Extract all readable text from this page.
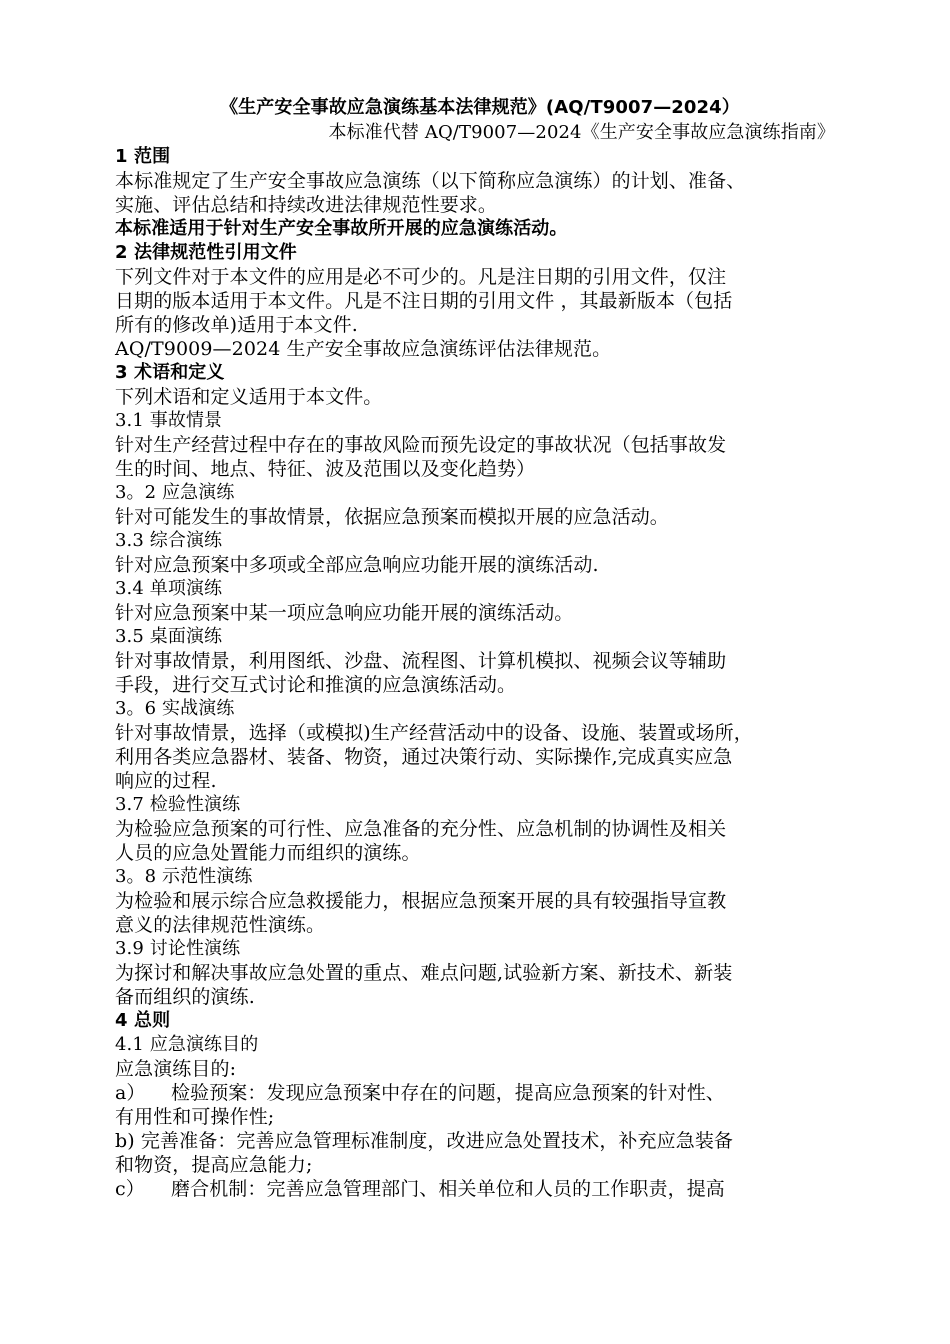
《生产安全事故应急演练基本法律规范》(AQ/T9007—2024）
本标准代替 AQ/T9007—2024《生产安全事故应急演练指南》
1 范围
本标准规定了生产安全事故应急演练（以下简称应急演练）的计划、准备、
实施、评估总结和持续改进法律规范性要求。
本标准适用于针对生产安全事故所开展的应急演练活动。
2 法律规范性引用文件
下列文件对于本文件的应用是必不可少的。凡是注日期的引用文件，仅注
日期的版本适用于本文件。凡是不注日期的引用文件 ，其最新版本（包括
所有的修改单)适用于本文件.
AQ/T9009—2024 生产安全事故应急演练评估法律规范。
3 术语和定义
下列术语和定义适用于本文件。
3.1 事故情景
针对生产经营过程中存在的事故风险而预先设定的事故状况（包括事故发
生的时间、地点、特征、波及范围以及变化趋势）
3。2 应急演练
针对可能发生的事故情景，依据应急预案而模拟开展的应急活动。
3.3 综合演练
针对应急预案中多项或全部应急响应功能开展的演练活动.
3.4 单项演练
针对应急预案中某一项应急响应功能开展的演练活动。
3.5 桌面演练
针对事故情景，利用图纸、沙盘、流程图、计算机模拟、视频会议等辅助
手段，进行交互式讨论和推演的应急演练活动。
3。6 实战演练
针对事故情景，选择（或模拟)生产经营活动中的设备、设施、装置或场所，
利用各类应急器材、装备、物资，通过决策行动、实际操作,完成真实应急
响应的过程.
3.7 检验性演练
为检验应急预案的可行性、应急准备的充分性、应急机制的协调性及相关
人员的应急处置能力而组织的演练。
3。8 示范性演练
为检验和展示综合应急救援能力，根据应急预案开展的具有较强指导宣教
意义的法律规范性演练。
3.9 讨论性演练
为探讨和解决事故应急处置的重点、难点问题,试验新方案、新技术、新装
备而组织的演练.
4 总则
4.1 应急演练目的
应急演练目的:
a） 检验预案：发现应急预案中存在的问题，提高应急预案的针对性、
有用性和可操作性;
b) 完善准备：完善应急管理标准制度，改进应急处置技术，补充应急装备
和物资，提高应急能力;
c） 磨合机制：完善应急管理部门、相关单位和人员的工作职责，提高
